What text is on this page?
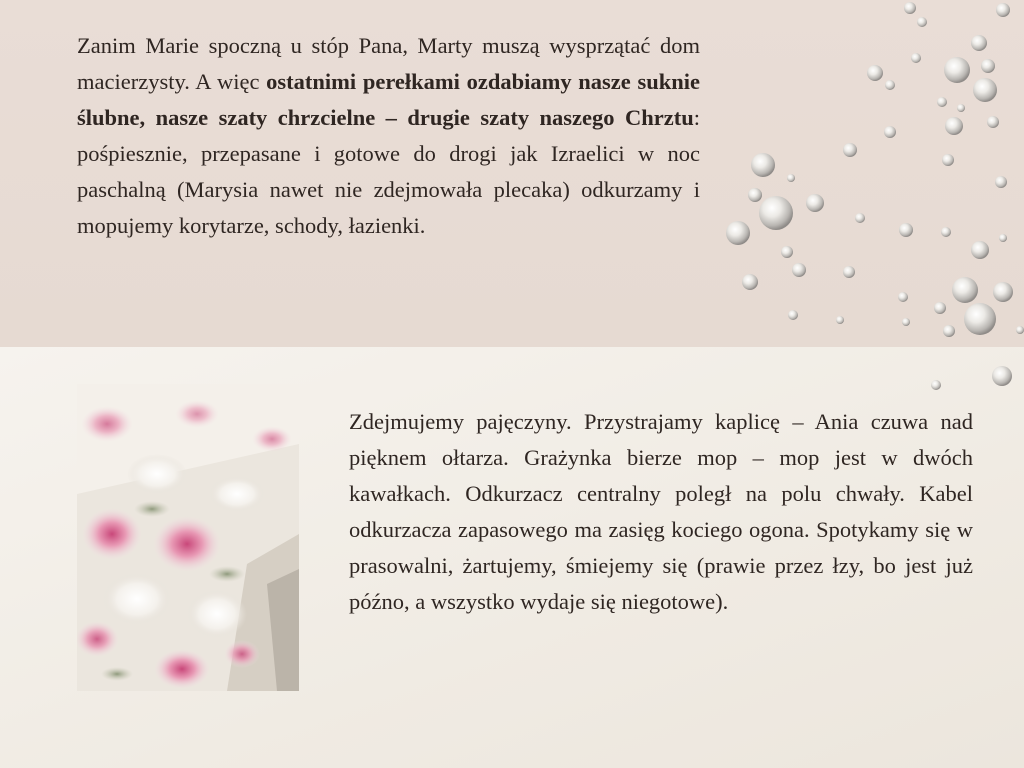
Zanim Marie spoczną u stóp Pana, Marty muszą wysprzątać dom macierzysty. A więc ostatnimi perełkami ozdabiamy nasze suknie ślubne, nasze szaty chrzcielne – drugie szaty naszego Chrztu: pośpiesznie, przepasane i gotowe do drogi jak Izraelici w noc paschalną (Marysia nawet nie zdejmowała plecaka) odkurzamy i mopujemy korytarze, schody, łazienki.

Zdejmujemy pajęczyny. Przystrajamy kaplicę – Ania czuwa nad pięknem ołtarza. Grażynka bierze mop – mop jest w dwóch kawałkach. Odkurzacz centralny poległ na polu chwały. Kabel odkurzacza zapasowego ma zasięg kociego ogona. Spotykamy się w prasowalni, żartujemy, śmiejemy się (prawie przez łzy, bo jest już późno, a wszystko wydaje się niegotowe).
